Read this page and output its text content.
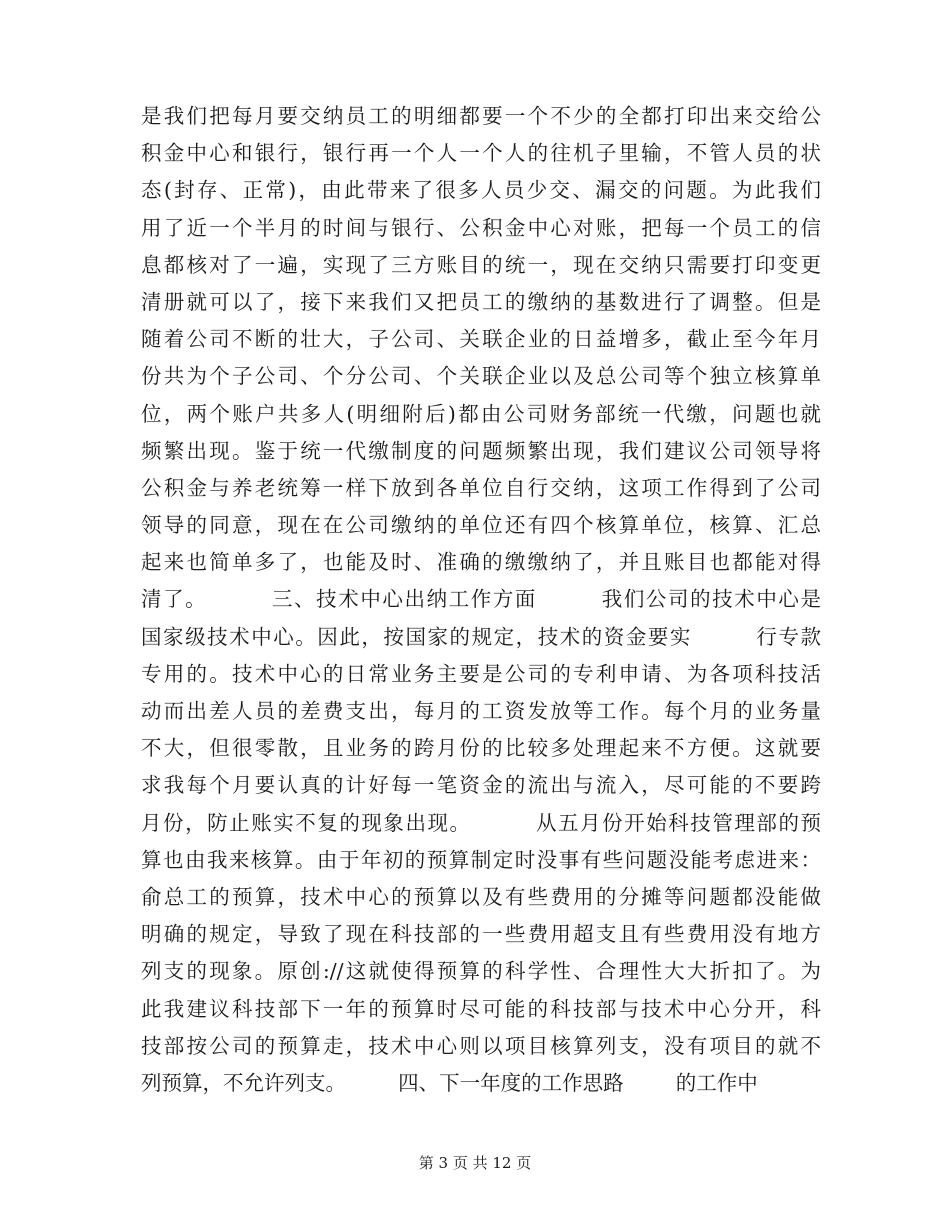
是我们把每月要交纳员工的明细都要一个不少的全都打印出来交给公
积金中心和银行，银行再一个人一个人的往机子里输，不管人员的状
态(封存、正常)，由此带来了很多人员少交、漏交的问题。为此我们
用了近一个半月的时间与银行、公积金中心对账，把每一个员工的信
息都核对了一遍，实现了三方账目的统一，现在交纳只需要打印变更
清册就可以了，接下来我们又把员工的缴纳的基数进行了调整。但是
随着公司不断的壮大，子公司、关联企业的日益增多，截止至今年月
份共为个子公司、个分公司、个关联企业以及总公司等个独立核算单
位，两个账户共多人(明细附后)都由公司财务部统一代缴，问题也就
频繁出现。鉴于统一代缴制度的问题频繁出现，我们建议公司领导将
公积金与养老统筹一样下放到各单位自行交纳，这项工作得到了公司
领导的同意，现在在公司缴纳的单位还有四个核算单位，核算、汇总
起来也简单多了，也能及时、准确的缴缴纳了，并且账目也都能对得
清了。        三、技术中心出纳工作方面        我们公司的技术中心是
国家级技术中心。因此，按国家的规定，技术的资金要实        行专款
专用的。技术中心的日常业务主要是公司的专利申请、为各项科技活
动而出差人员的差费支出，每月的工资发放等工作。每个月的业务量
不大，但很零散，且业务的跨月份的比较多处理起来不方便。这就要
求我每个月要认真的计好每一笔资金的流出与流入，尽可能的不要跨
月份，防止账实不复的现象出现。        从五月份开始科技管理部的预
算也由我来核算。由于年初的预算制定时没事有些问题没能考虑进来：
俞总工的预算，技术中心的预算以及有些费用的分摊等问题都没能做
明确的规定，导致了现在科技部的一些费用超支且有些费用没有地方
列支的现象。原创://这就使得预算的科学性、合理性大大折扣了。为
此我建议科技部下一年的预算时尽可能的科技部与技术中心分开，科
技部按公司的预算走，技术中心则以项目核算列支，没有项目的就不
列预算，不允许列支。        四、下一年度的工作思路        的工作中
第 3 页 共 12 页
